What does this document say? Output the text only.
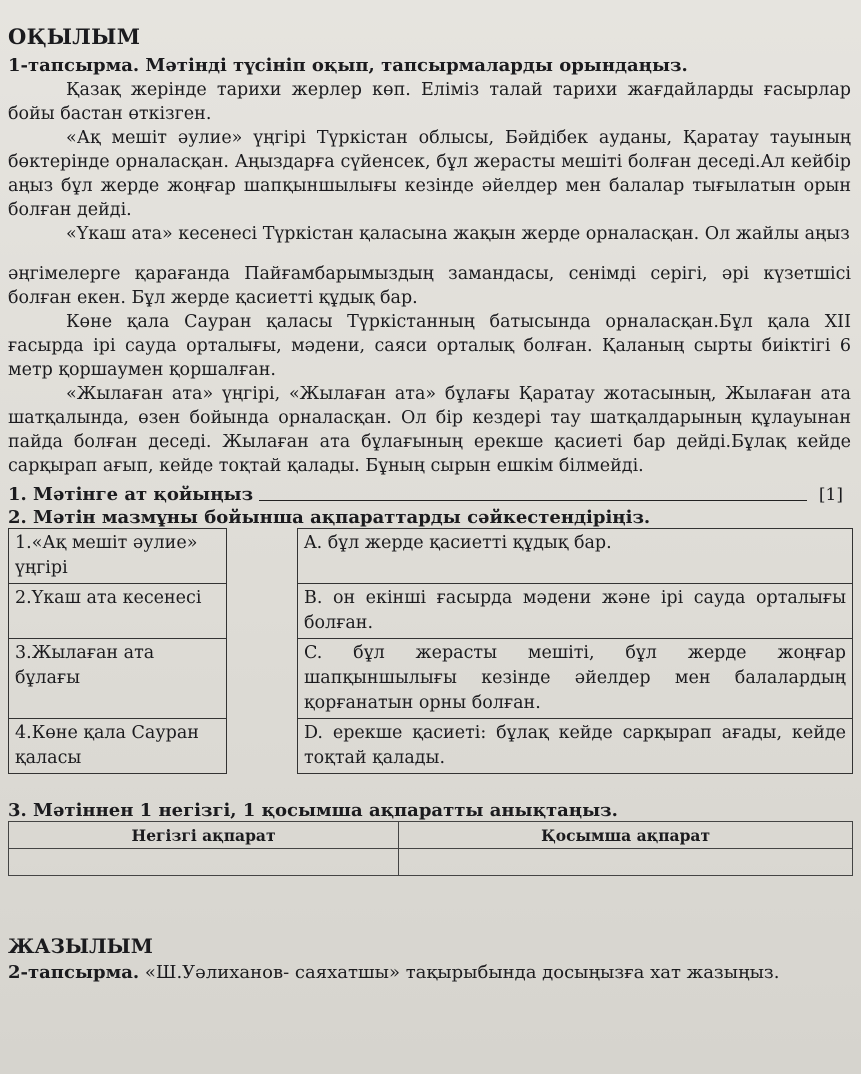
ОҚЫЛЫМ
1-тапсырма. Мәтінді түсініп оқып, тапсырмаларды орындаңыз.

Қазақ жерінде тарихи жерлер көп. Еліміз талай тарихи жағдайларды ғасырлар бойы бастан өткізген.

«Ақ мешіт әулие» үңгірі Түркістан облысы, Бәйдібек ауданы, Қаратау тауының бөктерінде орналасқан. Аңыздарға сүйенсек, бұл жерасты мешіті болған деседі.Ал кейбір аңыз бұл жерде жоңғар шапқыншылығы кезінде әйелдер мен балалар тығылатын орын болған дейді.

«Үкаш ата» кесенесі Түркістан қаласына жақын жерде орналасқан. Ол жайлы аңыз

әңгімелерге қарағанда Пайғамбарымыздың замандасы, сенімді серігі, әрі күзетшісі болған екен. Бұл жерде қасиетті құдық бар.

Көне қала Сауран қаласы Түркістанның батысында орналасқан.Бұл қала XII ғасырда ірі сауда орталығы, мәдени, саяси орталық болған. Қаланың сырты биіктігі 6 метр қоршаумен қоршалған.

«Жылаған ата» үңгірі, «Жылаған ата» бұлағы Қаратау жотасының, Жылаған ата шатқалында, өзен бойында орналасқан. Ол бір кездері тау шатқалдарының құлауынан пайда болған деседі. Жылаған ата бұлағының ерекше қасиеті бар дейді.Бұлақ кейде сарқырап ағып, кейде тоқтай қалады. Бұның сырын ешкім білмейді.

1. Мәтінге ат қойыңыз	[1]
2. Мәтін мазмұны бойынша ақпараттарды сәйкестендіріңіз.
1.«Ақ мешіт әулие» үңгірі		A. бұл жерде қасиетті құдық бар.
2.Үкаш ата кесенесі		B. он екінші ғасырда мәдени және ірі сауда орталығы болған.
3.Жылаған ата бұлағы		C. бұл жерасты мешіті, бұл жерде жоңғар шапқыншылығы кезінде әйелдер мен балалардың қорғанатын орны болған.
4.Көне қала Сауран қаласы		D. ерекше қасиеті: бұлақ кейде сарқырап ағады, кейде тоқтай қалады.
3. Мәтіннен 1 негізгі, 1 қосымша ақпаратты анықтаңыз.
Негізгі ақпарат	Қосымша ақпарат

ЖАЗЫЛЫМ
2-тапсырма. «Ш.Уәлиханов- саяхатшы» тақырыбында досыңызға хат жазыңыз.
